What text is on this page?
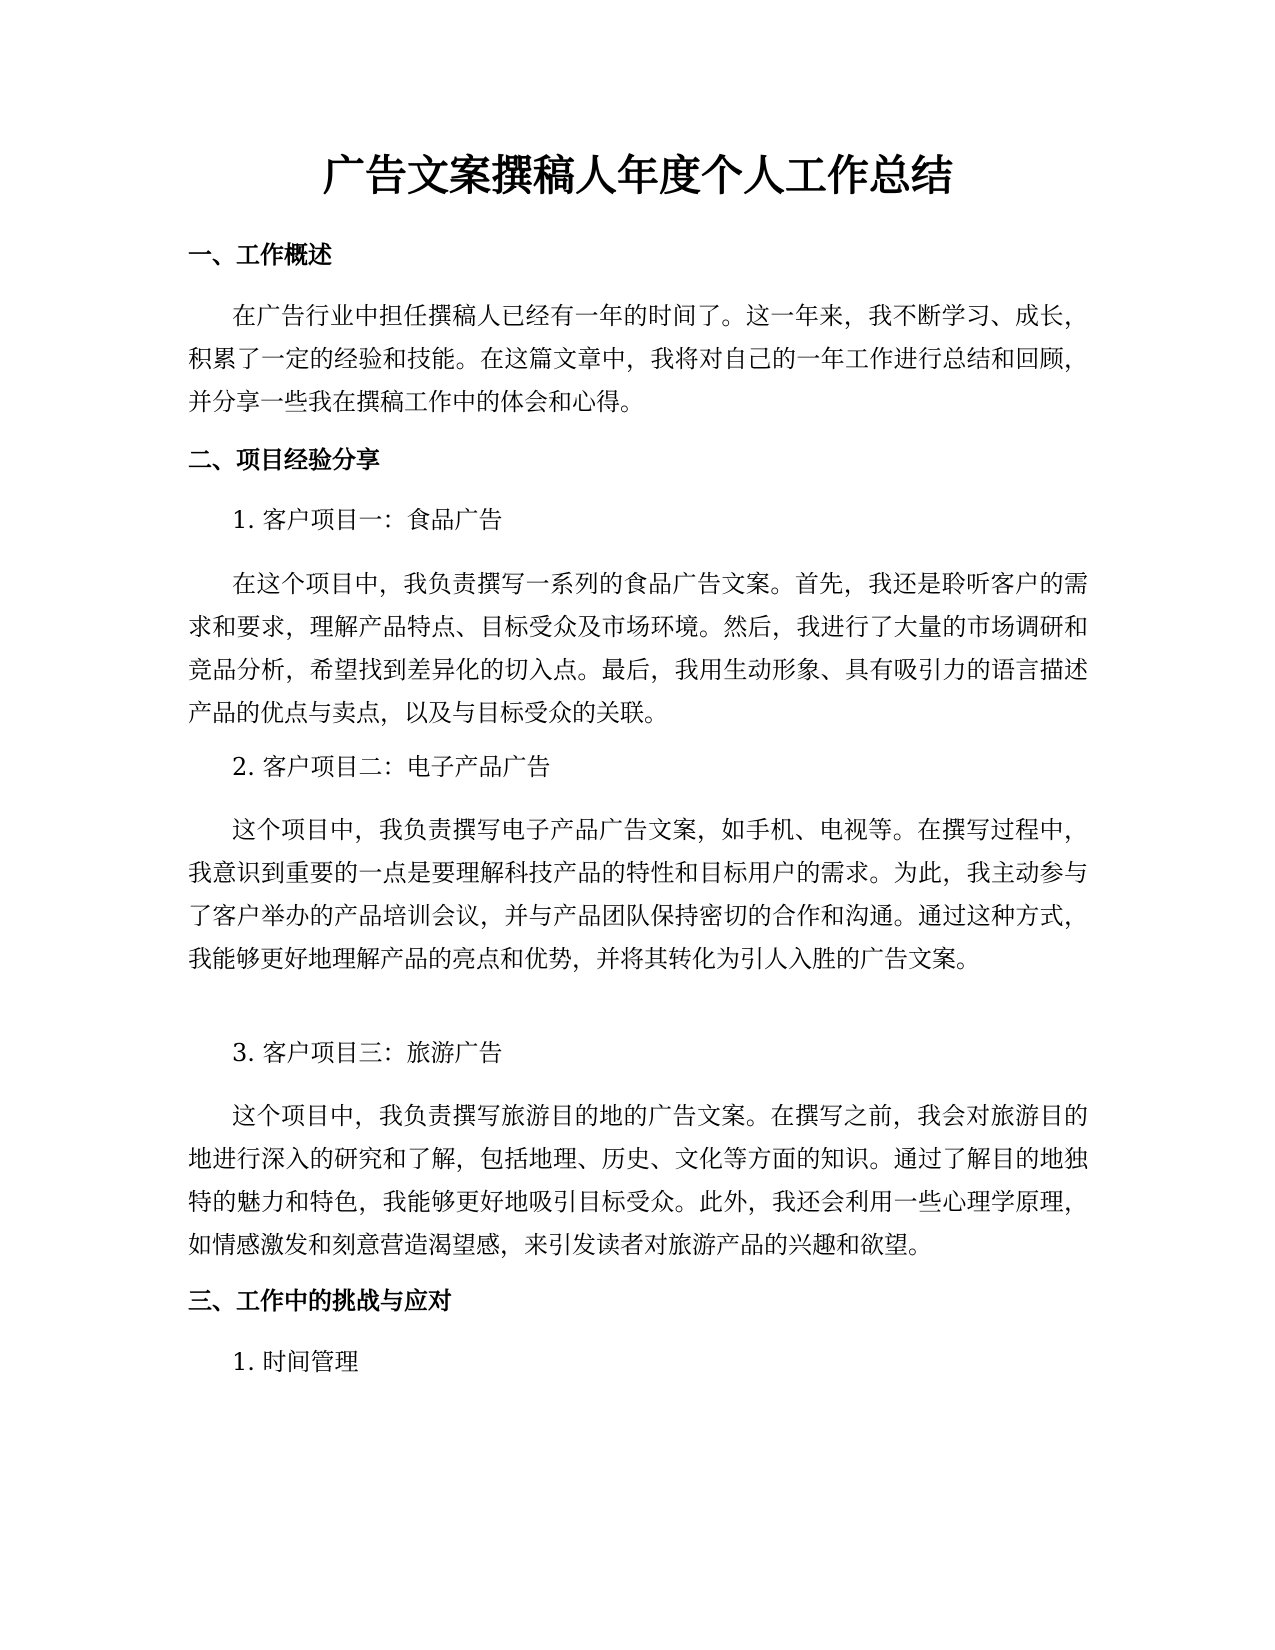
广告文案撰稿人年度个人工作总结
一、工作概述

在广告行业中担任撰稿人已经有一年的时间了。这一年来，我不断学习、成长，积累了一定的经验和技能。在这篇文章中，我将对自己的一年工作进行总结和回顾，并分享一些我在撰稿工作中的体会和心得。

二、项目经验分享

1. 客户项目一：食品广告

在这个项目中，我负责撰写一系列的食品广告文案。首先，我还是聆听客户的需求和要求，理解产品特点、目标受众及市场环境。然后，我进行了大量的市场调研和竞品分析，希望找到差异化的切入点。最后，我用生动形象、具有吸引力的语言描述产品的优点与卖点，以及与目标受众的关联。

2. 客户项目二：电子产品广告

这个项目中，我负责撰写电子产品广告文案，如手机、电视等。在撰写过程中，我意识到重要的一点是要理解科技产品的特性和目标用户的需求。为此，我主动参与了客户举办的产品培训会议，并与产品团队保持密切的合作和沟通。通过这种方式，我能够更好地理解产品的亮点和优势，并将其转化为引人入胜的广告文案。

3. 客户项目三：旅游广告

这个项目中，我负责撰写旅游目的地的广告文案。在撰写之前，我会对旅游目的地进行深入的研究和了解，包括地理、历史、文化等方面的知识。通过了解目的地独特的魅力和特色，我能够更好地吸引目标受众。此外，我还会利用一些心理学原理，如情感激发和刻意营造渴望感，来引发读者对旅游产品的兴趣和欲望。

三、工作中的挑战与应对

1. 时间管理
